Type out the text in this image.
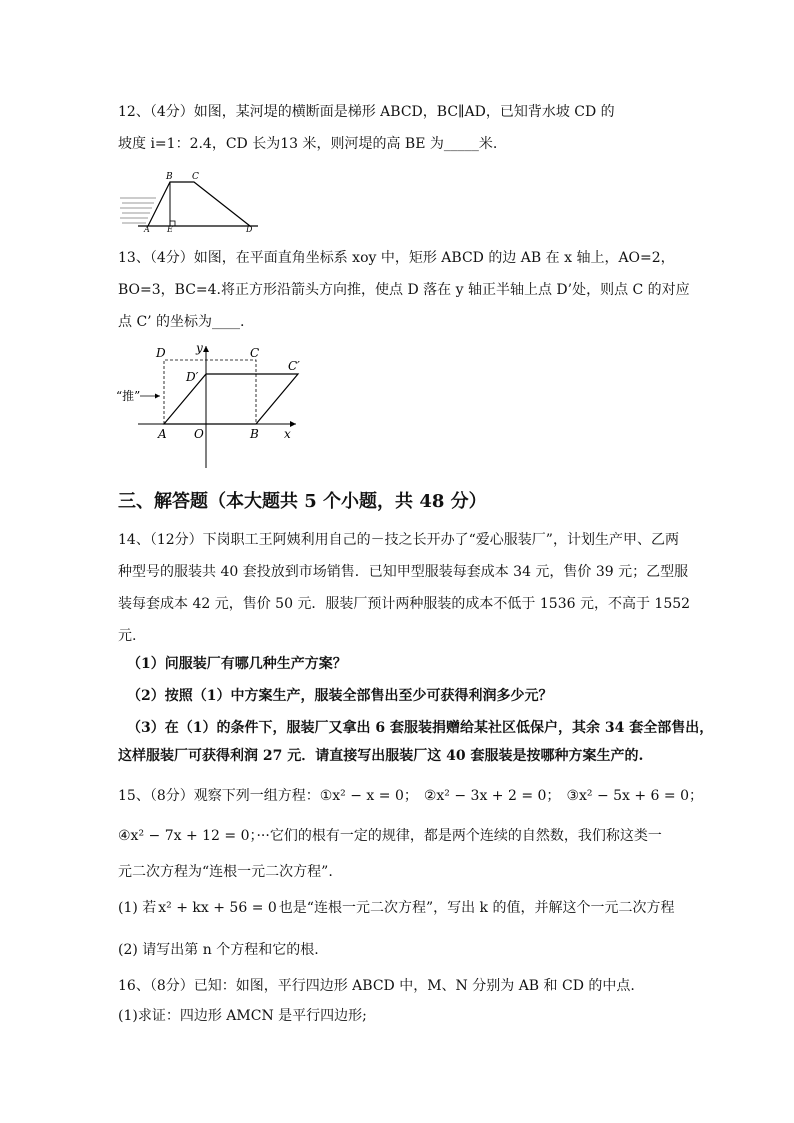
12、（4分）如图，某河堤的横断面是梯形 ABCD，BC∥AD，已知背水坡 CD 的
坡度 i=1：2.4，CD 长为13 米，则河堤的高 BE 为_____米.
B C
A E	D
13、（4分）如图，在平面直角坐标系 xoy 中，矩形 ABCD 的边 AB 在 x 轴上，AO=2，
BO=3，BC=4.将正方形沿箭头方向推，使点 D 落在 y 轴正半轴上点 D’处，则点 C 的对应
点 C’ 的坐标为____.
D	y	C
C′
D′
“推”
A O	B x
三、解答题（本大题共 5 个小题，共 48 分）
14、（12分）下岗职工王阿姨利用自己的－技之长开办了“爱心服装厂”，计划生产甲、乙两
种型号的服装共 40 套投放到市场销售．已知甲型服装每套成本 34 元，售价 39 元；乙型服
装每套成本 42 元，售价 50 元．服装厂预计两种服装的成本不低于 1536 元，不高于 1552
元.
（1）问服装厂有哪几种生产方案？
（2）按照（1）中方案生产，服装全部售出至少可获得利润多少元？
（3）在（1）的条件下，服装厂又拿出 6 套服装捐赠给某社区低保户，其余 34 套全部售出，
这样服装厂可获得利润 27 元．请直接写出服装厂这 40 套服装是按哪种方案生产的.
15、（8分）观察下列一组方程：①x² − x = 0； ②x² − 3x + 2 = 0； ③x² − 5x + 6 = 0；
④x² − 7x + 12 = 0；···它们的根有一定的规律，都是两个连续的自然数，我们称这类一
元二次方程为“连根一元二次方程”.
(1) 若 x² + kx + 56 = 0 也是“连根一元二次方程”，写出 k 的值，并解这个一元二次方程
(2) 请写出第 n 个方程和它的根.
16、（8分）已知：如图，平行四边形 ABCD 中，M、N 分别为 AB 和 CD 的中点.
(1)求证：四边形 AMCN 是平行四边形;
